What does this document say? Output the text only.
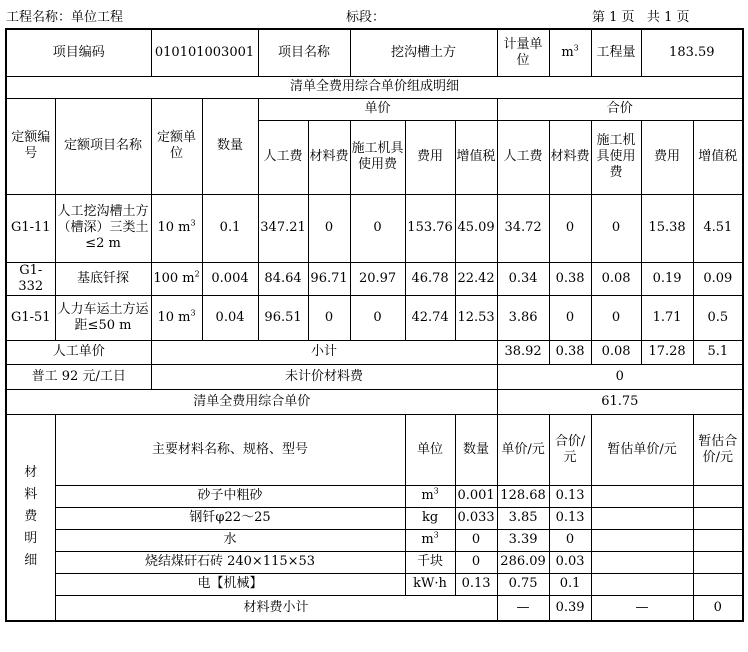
工程名称：单位工程	标段：	第 1 页   共 1 页
项目编码		010101003001		项目名称		挖沟槽土方			计量单位	$m^3$	工程量	183.59	
清单全费用综合单价组成明细													
定额编号	定额项目名称	定额单位	数量	单价					合价				
				人工费	材料费	施工机具使用费	费用	增值税	人工费	材料费	施工机具使用费	费用	增值税
G1-11	人工挖沟槽土方（槽深）三类土≤2 m	10 $m^3$	0.1	347.21	0	0	153.76	45.09	34.72	0	0	15.38	4.51
G1-332	基底钎探	100 $m^2$	0.004	84.64	96.71	20.97	46.78	22.42	0.34	0.38	0.08	0.19	0.09
G1-51	人力车运土方运距≤50 m	10 $m^3$	0.04	96.51	0	0	42.74	12.53	3.86	0	0	1.71	0.5
人工单价		小计							38.92	0.38	0.08	17.28	5.1
普工 92 元/工日		未计价材料费							0				
清单全费用综合单价									61.75				

材料费明细	主要材料名称、规格、型号						单位	数量	单价/元	合价/元	暂估单价/元		暂估合价/元
	砂子中粗砂						$m^3$	0.001	128.68	0.13			
	钢钎φ22～25						kg	0.033	3.85	0.13			
	水						$m^3$	0	3.39	0			
	烧结煤矸石砖 240×115×53						千块	0	286.09	0.03			
	电【机械】						kW·h	0.13	0.75	0.1			
	材料费小计								—	0.39	—		0
